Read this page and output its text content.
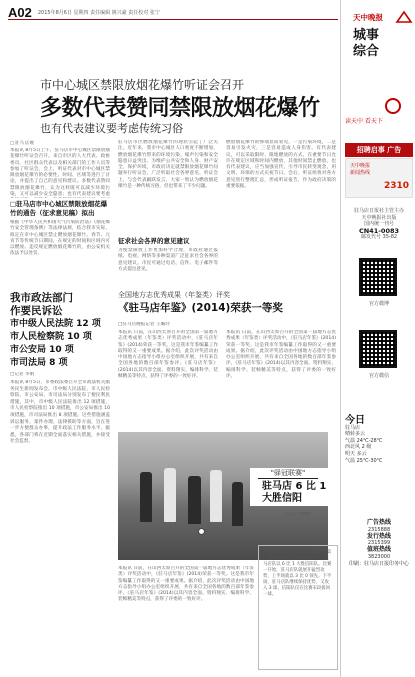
A02 2015年8月6日 星期四 责任编辑 姚兴豪 责任校对 张宁
市中心城区禁限放烟花爆竹听证会召开
多数代表赞同禁限放烟花爆竹
也有代表建议要考虑传统习俗
□驻马店晚
本报讯 8月5日上午，驻马店市中心城区禁限放烟花爆竹听证会召开。来自市区的人大代表、政协委员、社区群众代表以及相关部门的工作人员等参加了听证会。会上，听证代表对市中心城区禁限放烟花爆竹的必要性、时间、区域等进行了讨论，并提出了自己的意见和建议。多数代表赞同禁限放烟花爆竹，认为这样既可以减少环境污染，又可以减少安全隐患；也有代表建议要考虑
□驻马店市中心城区禁限放烟花爆竹的通告（征求意见稿）拟出
根据《中华人民共和国大气污染防治法》《烟花爆竹安全管理条例》等法律法规，结合我市实际，拟定在市中心城区禁止燃放烟花爆竹。春节、元宵节等传统节日期间，在规定的时间和区域内可以燃放。违反规定燃放烟花爆竹的，由公安机关依法予以处罚。
驻马店市区燃放烟花爆竹的现状引起了广泛关注。近年来，我市中心城区人口密度不断增加，燃放烟花爆竹带来的环境污染、噪声污染和安全隐患日益突出。为维护公共安全和人身、财产安全，保护环境，市政府决定就禁限放烟花爆竹问题举行听证会，广泛听取社会各界意见。听证会上，与会代表踊跃发言，大家一致认为燃放烟花爆竹是一种传统习俗，但也带来了不少问题。
征求社会各界的意见建议
为使禁限放工作更加科学合理，市政府通过报纸、电视、网络等多种渠道广泛征求社会各界的意见建议。市民可通过电话、信件、电子邮件等方式提出意见。
燃放烟花爆竹的弊端显而易见，一是污染环境，二是容易引发火灾，三是容易造成人身伤害。有代表建议，可以采取限时、限地燃放的方式，在重要节日允许在规定区域和时间内燃放，其他时间禁止燃放。也有代表建议，应当加强宣传，引导市民转变观念，用文明、环保的方式庆祝节日。会后，听证组将对各方意见进行整理汇总，形成听证报告，作为政府决策的重要依据。
我市政法部门
作要民诉讼
市中级人民法院 12 项
市人民检察院 10 项
市公安局 10 项
市司法局 8 项
□记者 李娟
本报讯 8月5日，市委政法委召开全市政法机关服务民生新闻发布会。市中级人民法院、市人民检察院、市公安局、市司法局分别发布了便民利民措施。其中，市中级人民法院推出 12 项措施，市人民检察院推出 10 项措施，市公安局推出 10 项措施，市司法局推出 8 项措施。这些措施涵盖诉讼服务、案件办理、法律援助等方面，旨在进一步方便群众办事，提升政法工作服务水平。据悉，各部门将在近期全面落实相关措施，并接受社会监督。
全国地方志优秀成果（年鉴类）评奖
《驻马店年鉴》(2014)荣获一等奖
□驻马店晚报记者 王璐玲
本报讯 日前，在山西太原召开的全国第一届地方志优秀成果（年鉴类）评奖活动中，《驻马店年鉴》(2014)荣获一等奖。这是我市年鉴编纂工作取得的又一重要成果。据介绍，此次评奖活动由中国地方志指导小组办公室组织开展，共有来自全国各地的数百部年鉴参评。《驻马店年鉴》(2014)以其内容全面、资料翔实、编排科学、装帧精美等特点，获得了评委的一致好评。
本报讯 日前，在山西太原召开的全国第一届地方志优秀成果（年鉴类）评奖活动中，《驻马店年鉴》(2014)荣获一等奖。这是我市年鉴编纂工作取得的又一重要成果。据介绍，此次评奖活动由中国地方志指导小组办公室组织开展，共有来自全国各地的数百部年鉴参评。《驻马店年鉴》(2014)以其内容全面、资料翔实、编排科学、装帧精美等特点，获得了评委的一致好评。
"驿冠联赛"
驻马店 6 比 1 大胜信阳
□记者 刘晓红
本报讯 8月5日下午，"驿冠联赛"第三轮比赛在驻马店体育场举行，驻马店队以 6 比 1 大胜信阳队。比赛一开始，驻马店队就展开猛烈攻势，上半场就以 3 比 0 领先。下半场，驻马店队继续保持优势，又攻入 3 球，信阳队仅在比赛末段扳回一球。
本报讯 日前，在山西太原召开的全国第一届地方志优秀成果（年鉴类）评奖活动中，《驻马店年鉴》(2014)荣获一等奖。这是我市年鉴编纂工作取得的又一重要成果。据介绍，此次评奖活动由中国地方志指导小组办公室组织开展，共有来自全国各地的数百部年鉴参评。《驻马店年鉴》(2014)以其内容全面、资料翔实、编排科学、装帧精美等特点，获得了评委的一致好评。
天中晚报
城事
综合
读天中 看天下
招聘启事 广告
天中晚报
新闻热线
2310
驻马店日报社主管主办
天中晚报社出版
国内统一刊号
CN41-0083
邮发代号 35-82
官方微博
官方微信
今日
驻马店
晴转多云
气温 24℃-28℃
西北风 2 级
明天 多云
气温 25℃-30℃
广告热线
2315888
发行热线
2315399
值班热线
3823000
印刷：驻马店日报印务中心
